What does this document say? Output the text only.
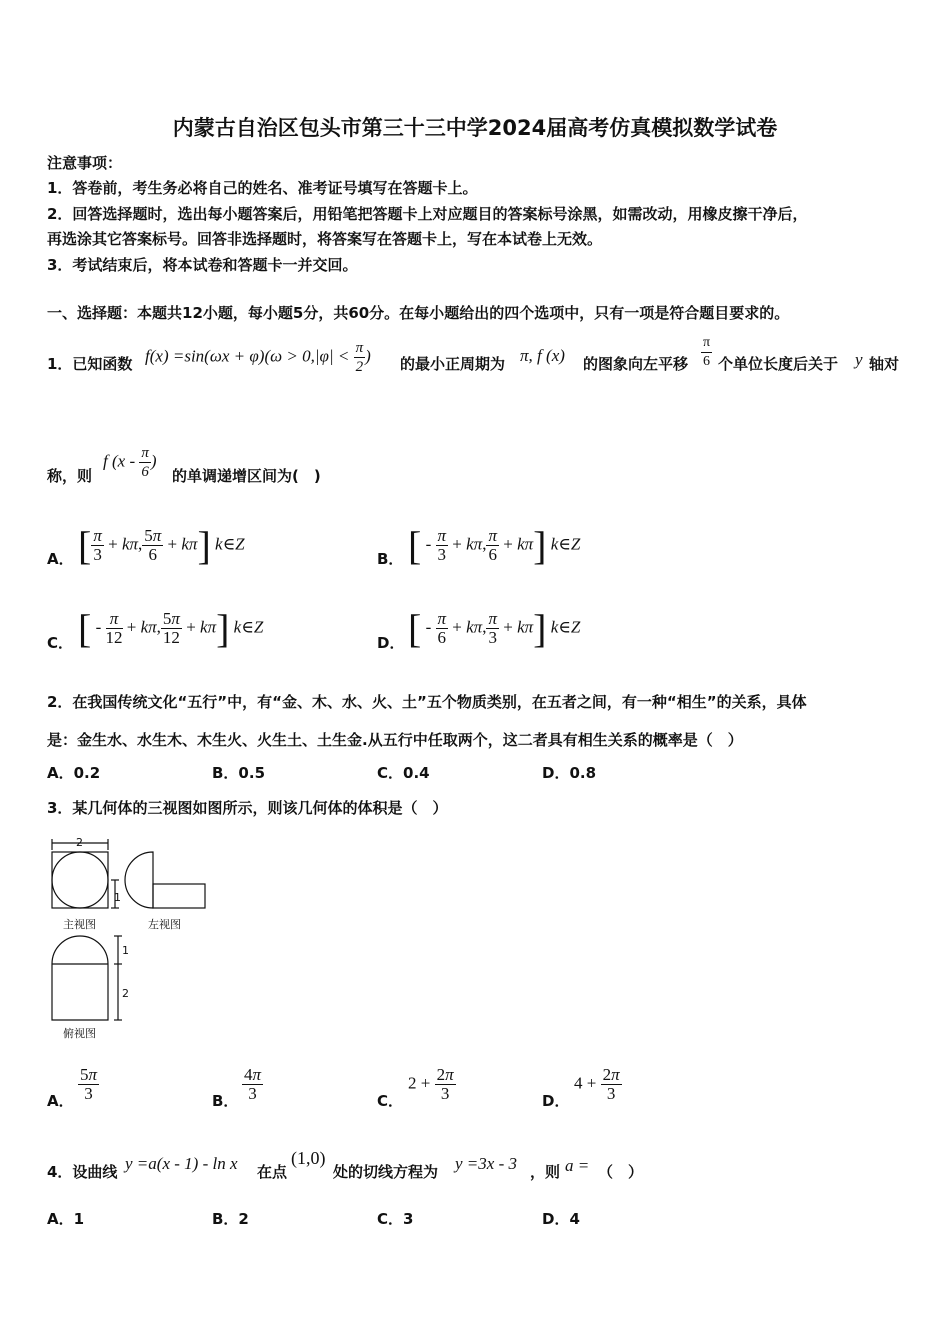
内蒙古自治区包头市第三十三中学2024届高考仿真模拟数学试卷
注意事项：
1．答卷前，考生务必将自己的姓名、准考证号填写在答题卡上。
2．回答选择题时，选出每小题答案后，用铅笔把答题卡上对应题目的答案标号涂黑，如需改动，用橡皮擦干净后，
再选涂其它答案标号。回答非选择题时，将答案写在答题卡上，写在本试卷上无效。
3．考试结束后，将本试卷和答题卡一并交回。
一、选择题：本题共12小题，每小题5分，共60分。在每小题给出的四个选项中，只有一项是符合题目要求的。
1．已知函数 $f(x) =\sin(\omega x + \varphi)(\omega > 0,|\varphi| < \frac{\pi}{2}$ ) 的最小正周期为 π, f (x) 的图象向左平移 $\frac{\pi}{6}$ 个单位长度后关于 y 轴对
称，则
f ($x - \frac{\pi}{6}$ )
的单调递增区间为(　)
A． [ $\frac{\pi}{3} + k\pi$, $\frac{5\pi}{6} + k\pi$] k∈Z
B． [ - $\frac{\pi}{3} + k\pi$, $\frac{\pi}{6} + k\pi$] k∈Z
C． [ - $\frac{\pi}{12} + k\pi$, $\frac{5\pi}{12} + k\pi$] k∈Z
D． [ - $\frac{\pi}{6} + k\pi$, $\frac{\pi}{3} + k\pi$] k∈Z
2．在我国传统文化“五行”中，有“金、木、水、火、土”五个物质类别，在五者之间，有一种“相生”的关系，具体
是：金生水、水生木、木生火、火生土、土生金.从五行中任取两个，这二者具有相生关系的概率是（　）
A．0.2	B．0.5	C．0.4	D．0.8
3．某几何体的三视图如图所示，则该几何体的体积是（　）
2
1
主视图	左视图
1
2
俯视图
A． $\frac{5\pi}{3}$	B． $\frac{4\pi}{3}$	C．
$2 + \frac{2\pi}{3}$	D．
$4 + \frac{2\pi}{3}$
4．设曲线 y =a(x - 1) - ln x 在点
(1,0)
处的切线方程为 y =3x - 3 ，则 a = （　）
A．1	B．2	C．3	D．4
